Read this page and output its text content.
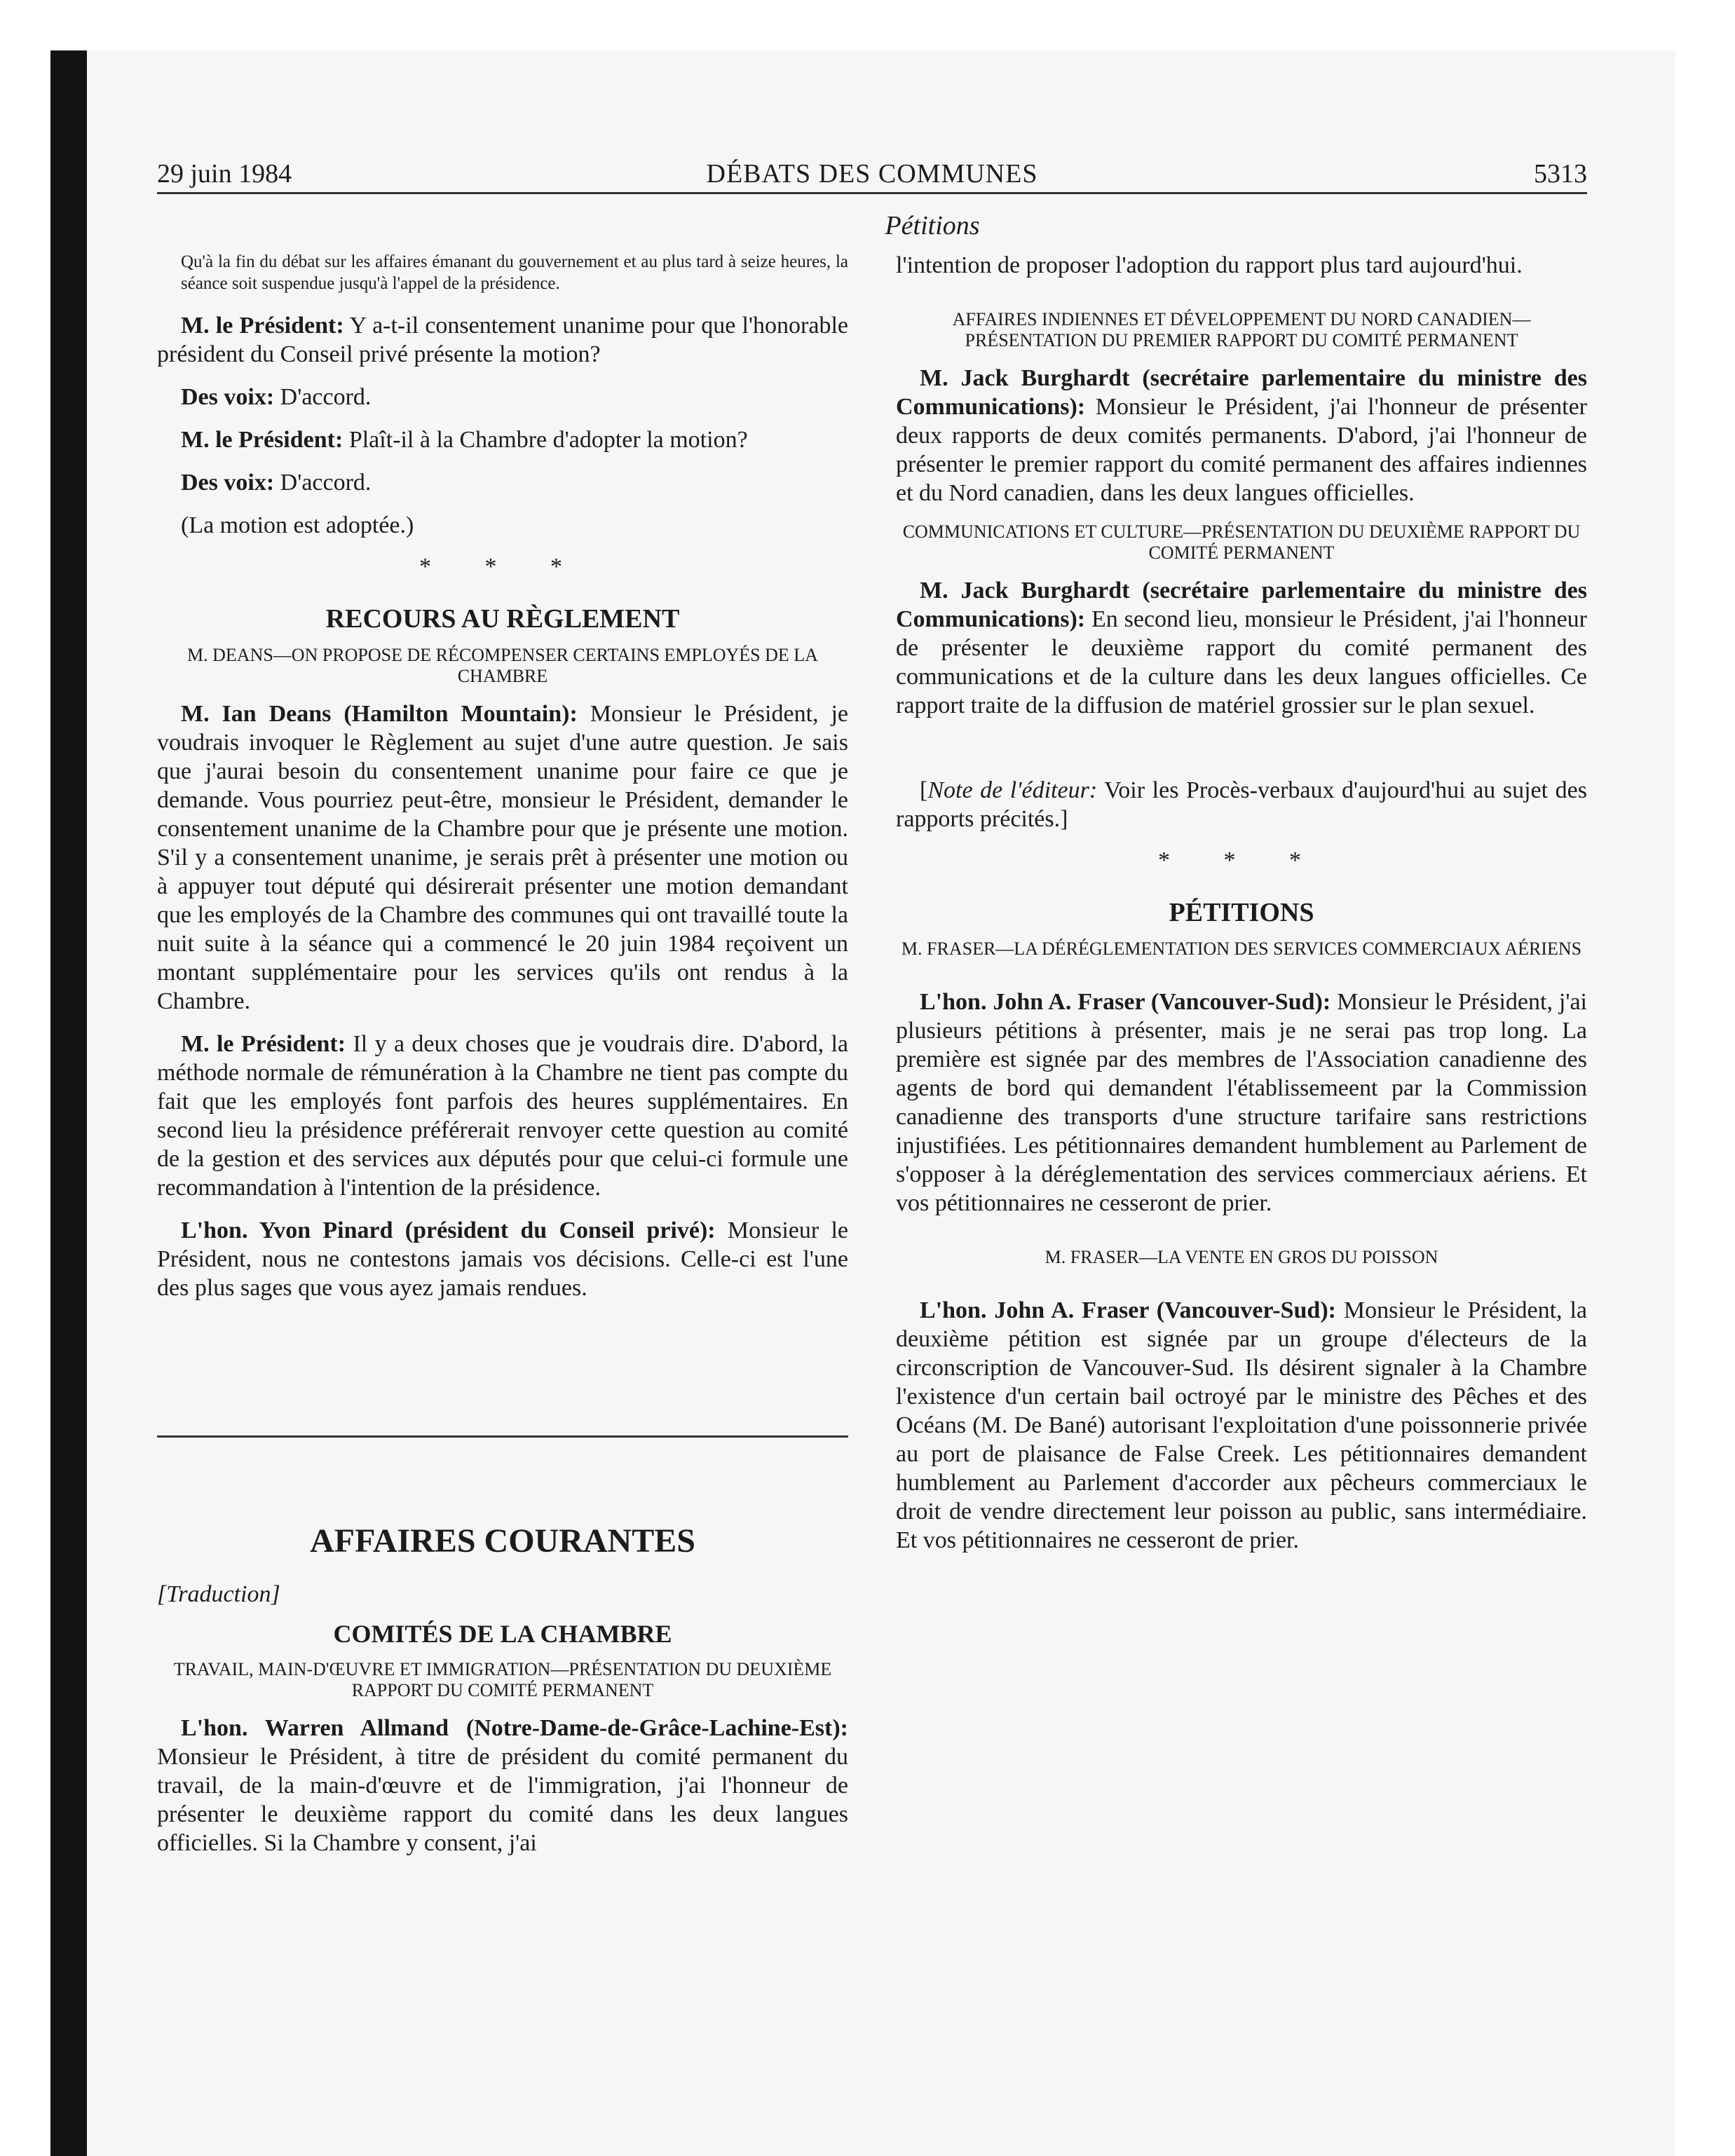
29 juin 1984	DÉBATS DES COMMUNES	5313
Pétitions

Qu'à la fin du débat sur les affaires émanant du gouvernement et au plus tard à seize heures, la séance soit suspendue jusqu'à l'appel de la présidence.

M. le Président: Y a-t-il consentement unanime pour que l'honorable président du Conseil privé présente la motion?

Des voix: D'accord.

M. le Président: Plaît-il à la Chambre d'adopter la motion?

Des voix: D'accord.

(La motion est adoptée.)

* * *
RECOURS AU RÈGLEMENT
M. DEANS—ON PROPOSE DE RÉCOMPENSER CERTAINS EMPLOYÉS DE LA CHAMBRE

M. Ian Deans (Hamilton Mountain): Monsieur le Président, je voudrais invoquer le Règlement au sujet d'une autre question. Je sais que j'aurai besoin du consentement unanime pour faire ce que je demande. Vous pourriez peut-être, monsieur le Président, demander le consentement unanime de la Chambre pour que je présente une motion. S'il y a consentement unanime, je serais prêt à présenter une motion ou à appuyer tout député qui désirerait présenter une motion demandant que les employés de la Chambre des communes qui ont travaillé toute la nuit suite à la séance qui a commencé le 20 juin 1984 reçoivent un montant supplémentaire pour les services qu'ils ont rendus à la Chambre.

M. le Président: Il y a deux choses que je voudrais dire. D'abord, la méthode normale de rémunération à la Chambre ne tient pas compte du fait que les employés font parfois des heures supplémentaires. En second lieu la présidence préférerait renvoyer cette question au comité de la gestion et des services aux députés pour que celui-ci formule une recommandation à l'intention de la présidence.

L'hon. Yvon Pinard (président du Conseil privé): Monsieur le Président, nous ne contestons jamais vos décisions. Celle-ci est l'une des plus sages que vous ayez jamais rendues.

AFFAIRES COURANTES
[Traduction]
COMITÉS DE LA CHAMBRE
TRAVAIL, MAIN-D'ŒUVRE ET IMMIGRATION—PRÉSENTATION DU DEUXIÈME RAPPORT DU COMITÉ PERMANENT

L'hon. Warren Allmand (Notre-Dame-de-Grâce-Lachine-Est): Monsieur le Président, à titre de président du comité permanent du travail, de la main-d'œuvre et de l'immigration, j'ai l'honneur de présenter le deuxième rapport du comité dans les deux langues officielles. Si la Chambre y consent, j'ai

l'intention de proposer l'adoption du rapport plus tard aujourd'hui.

AFFAIRES INDIENNES ET DÉVELOPPEMENT DU NORD CANADIEN—PRÉSENTATION DU PREMIER RAPPORT DU COMITÉ PERMANENT

M. Jack Burghardt (secrétaire parlementaire du ministre des Communications): Monsieur le Président, j'ai l'honneur de présenter deux rapports de deux comités permanents. D'abord, j'ai l'honneur de présenter le premier rapport du comité permanent des affaires indiennes et du Nord canadien, dans les deux langues officielles.

COMMUNICATIONS ET CULTURE—PRÉSENTATION DU DEUXIÈME RAPPORT DU COMITÉ PERMANENT

M. Jack Burghardt (secrétaire parlementaire du ministre des Communications): En second lieu, monsieur le Président, j'ai l'honneur de présenter le deuxième rapport du comité permanent des communications et de la culture dans les deux langues officielles. Ce rapport traite de la diffusion de matériel grossier sur le plan sexuel.

[Note de l'éditeur: Voir les Procès-verbaux d'aujourd'hui au sujet des rapports précités.]

* * *
PÉTITIONS
M. FRASER—LA DÉRÉGLEMENTATION DES SERVICES COMMERCIAUX AÉRIENS

L'hon. John A. Fraser (Vancouver-Sud): Monsieur le Président, j'ai plusieurs pétitions à présenter, mais je ne serai pas trop long. La première est signée par des membres de l'Association canadienne des agents de bord qui demandent l'établissemeent par la Commission canadienne des transports d'une structure tarifaire sans restrictions injustifiées. Les pétitionnaires demandent humblement au Parlement de s'opposer à la déréglementation des services commerciaux aériens. Et vos pétitionnaires ne cesseront de prier.

M. FRASER—LA VENTE EN GROS DU POISSON

L'hon. John A. Fraser (Vancouver-Sud): Monsieur le Président, la deuxième pétition est signée par un groupe d'électeurs de la circonscription de Vancouver-Sud. Ils désirent signaler à la Chambre l'existence d'un certain bail octroyé par le ministre des Pêches et des Océans (M. De Bané) autorisant l'exploitation d'une poissonnerie privée au port de plaisance de False Creek. Les pétitionnaires demandent humblement au Parlement d'accorder aux pêcheurs commerciaux le droit de vendre directement leur poisson au public, sans intermédiaire. Et vos pétitionnaires ne cesseront de prier.
